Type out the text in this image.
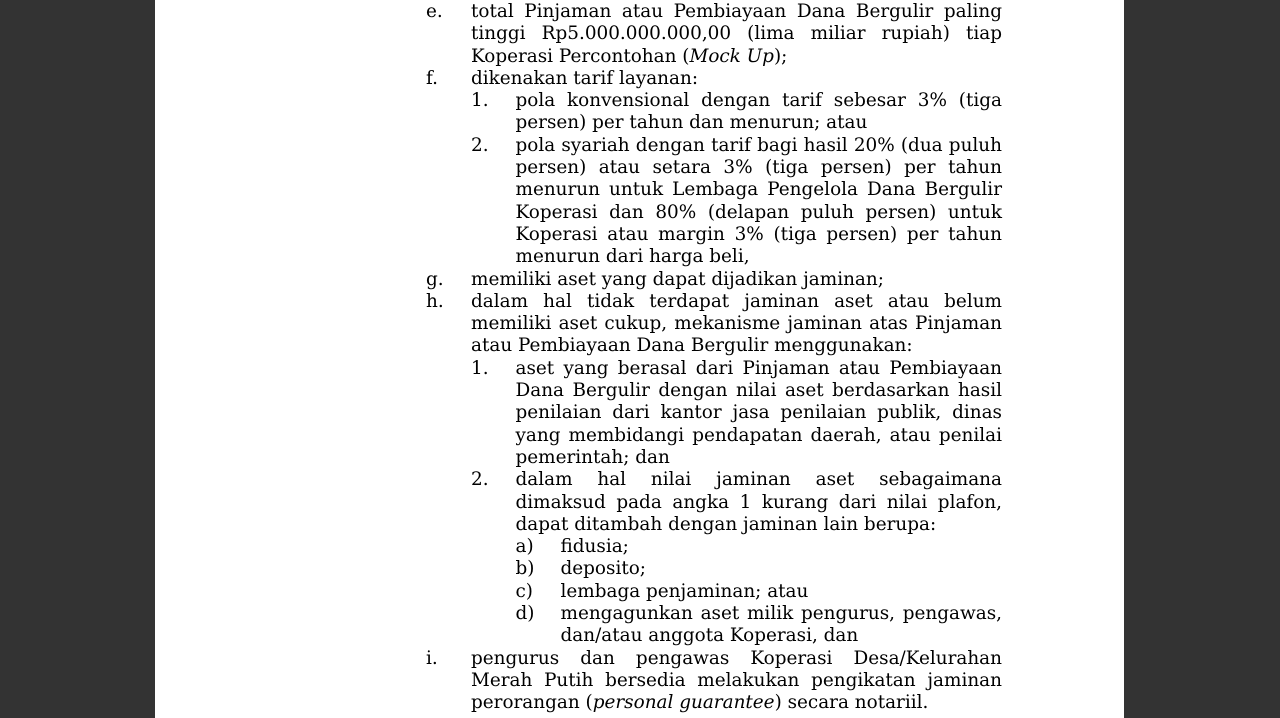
e.	total Pinjaman atau Pembiayaan Dana Bergulir paling tinggi Rp5.000.000.000,00 (lima miliar rupiah) tiap Koperasi Percontohan (Mock Up);
f.	dikenakan tarif layanan:
1.	pola konvensional dengan tarif sebesar 3% (tiga persen) per tahun dan menurun; atau
2.	pola syariah dengan tarif bagi hasil 20% (dua puluh persen) atau setara 3% (tiga persen) per tahun menurun untuk Lembaga Pengelola Dana Bergulir Koperasi dan 80% (delapan puluh persen) untuk Koperasi atau margin 3% (tiga persen) per tahun menurun dari harga beli,
g.	memiliki aset yang dapat dijadikan jaminan;
h.	dalam hal tidak terdapat jaminan aset atau belum memiliki aset cukup, mekanisme jaminan atas Pinjaman atau Pembiayaan Dana Bergulir menggunakan:
1.	aset yang berasal dari Pinjaman atau Pembiayaan Dana Bergulir dengan nilai aset berdasarkan hasil penilaian dari kantor jasa penilaian publik, dinas yang membidangi pendapatan daerah, atau penilai pemerintah; dan
2.	dalam hal nilai jaminan aset sebagaimana dimaksud pada angka 1 kurang dari nilai plafon, dapat ditambah dengan jaminan lain berupa:
a)	fidusia;
b)	deposito;
c)	lembaga penjaminan; atau
d)	mengagunkan aset milik pengurus, pengawas, dan/atau anggota Koperasi, dan
i.	pengurus dan pengawas Koperasi Desa/Kelurahan Merah Putih bersedia melakukan pengikatan jaminan perorangan (personal guarantee) secara notariil.
